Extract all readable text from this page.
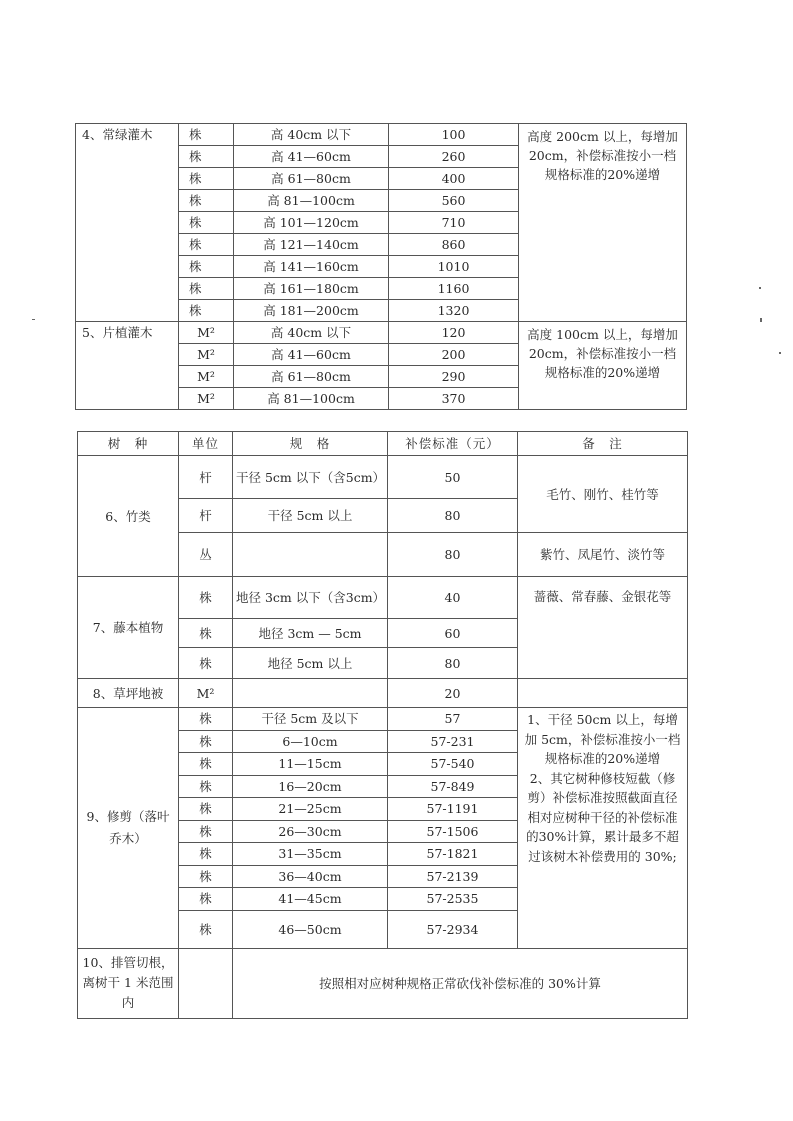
4、常绿灌木	株	高 40cm 以下	100	高度 200cm 以上，每增加 20cm，补偿标准按小一档规格标准的20%递增
	株	高 41—60cm	260	
	株	高 61—80cm	400	
	株	高 81—100cm	560	
	株	高 101—120cm	710	
	株	高 121—140cm	860	
	株	高 141—160cm	1010	
	株	高 161—180cm	1160	
	株	高 181—200cm	1320	
5、片植灌木	M²	高 40cm 以下	120	高度 100cm 以上，每增加 20cm，补偿标准按小一档规格标准的20%递增
	M²	高 41—60cm	200	
	M²	高 61—80cm	290	
	M²	高 81—100cm	370	
树　种	单位	规　格	补偿标准（元）	备　注
6、竹类	杆	干径 5cm 以下（含5cm）	50	毛竹、刚竹、桂竹等
	杆	干径 5cm 以上	80	
	丛		80	紫竹、凤尾竹、淡竹等
7、藤本植物	株	地径 3cm 以下（含3cm）	40	蔷薇、常春藤、金银花等
	株	地径 3cm — 5cm	60	
	株	地径 5cm 以上	80	
8、草坪地被	M²		20	
9、修剪（落叶乔木）	株	干径 5cm 及以下	57	1、干径 50cm 以上，每增加 5cm，补偿标准按小一档规格标准的20%递增
2、其它树种修枝短截（修剪）补偿标准按照截面直径相对应树种干径的补偿标准的30%计算，累计最多不超过该树木补偿费用的 30%;

	株	6—10cm	57-231	
	株	11—15cm	57-540	
	株	16—20cm	57-849	
	株	21—25cm	57-1191	
	株	26—30cm	57-1506	
	株	31—35cm	57-1821	
	株	36—40cm	57-2139	
	株	41—45cm	57-2535	
	株	46—50cm	57-2934	
10、排管切根，离树干 1 米范围内		按照相对应树种规格正常砍伐补偿标准的 30%计算		
